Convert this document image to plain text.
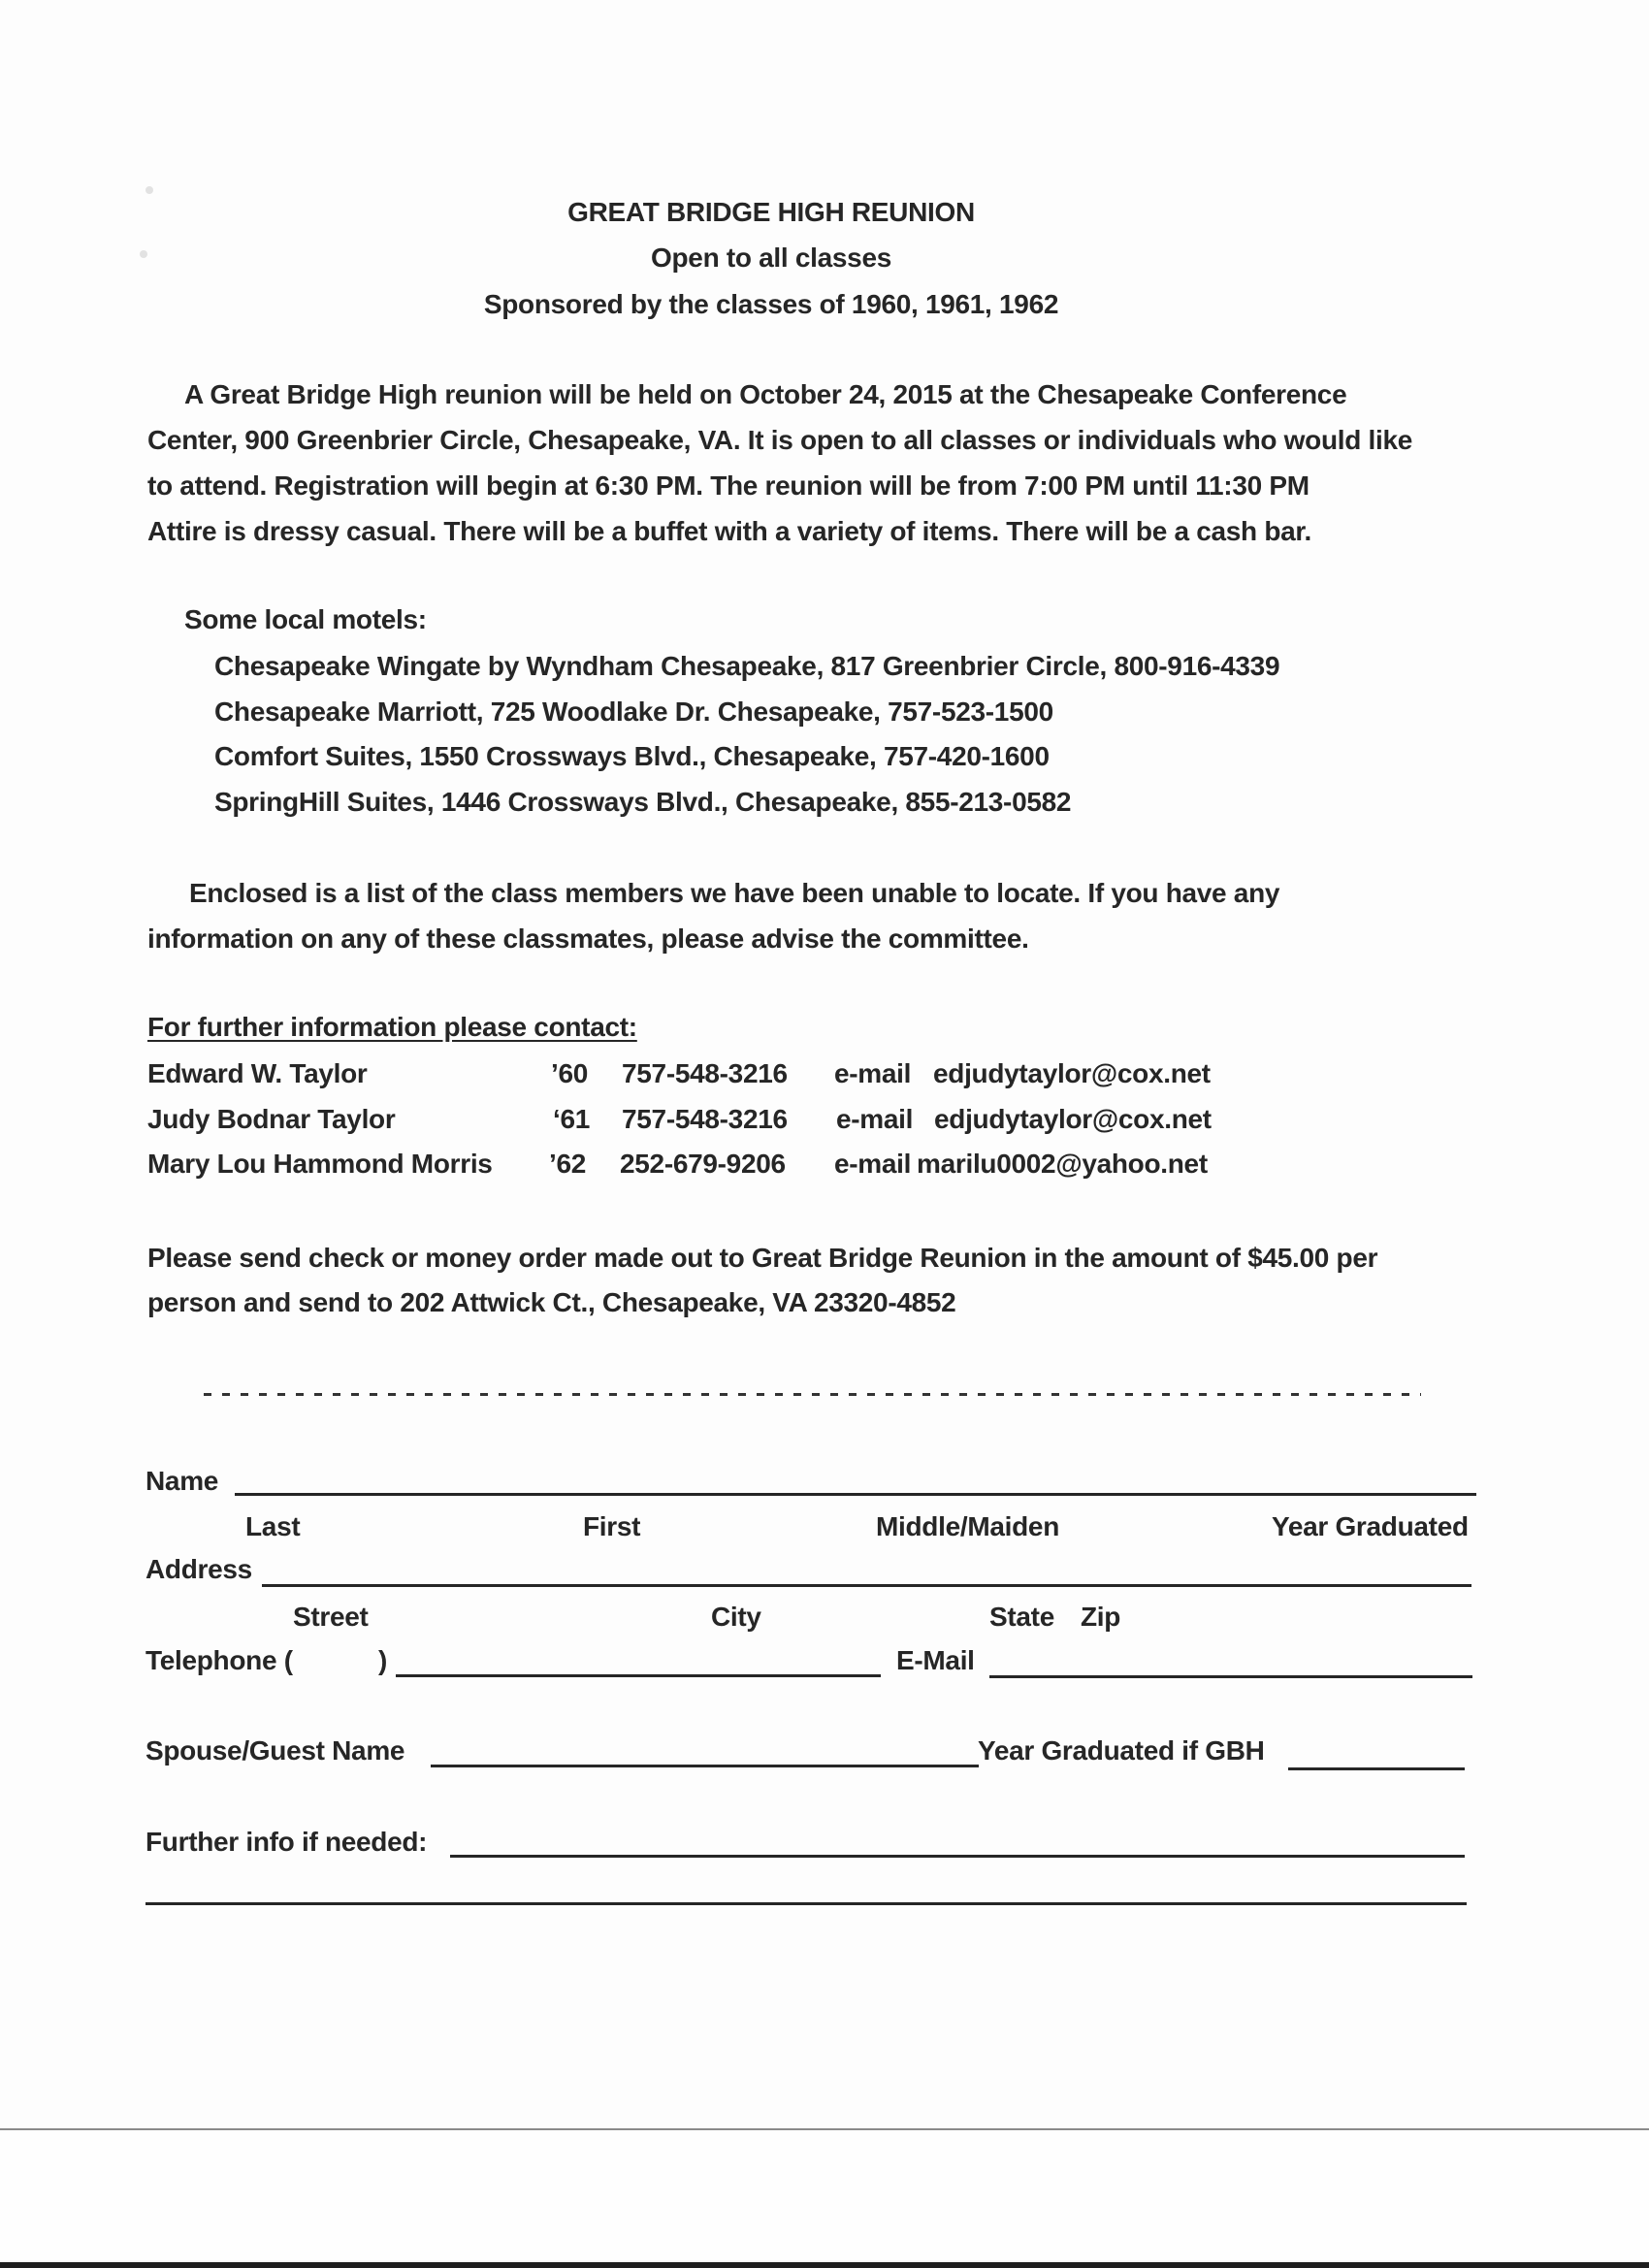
GREAT BRIDGE HIGH REUNION
Open to all classes
Sponsored by the classes of 1960, 1961, 1962
A Great Bridge High reunion will be held on October 24, 2015 at the Chesapeake Conference
Center, 900 Greenbrier Circle, Chesapeake, VA. It is open to all classes or individuals who would like
to attend. Registration will begin at 6:30 PM. The reunion will be from 7:00 PM until 11:30 PM
Attire is dressy casual. There will be a buffet with a variety of items. There will be a cash bar.
Some local motels:
Chesapeake Wingate by Wyndham Chesapeake, 817 Greenbrier Circle, 800-916-4339
Chesapeake Marriott, 725 Woodlake Dr. Chesapeake, 757-523-1500
Comfort Suites, 1550 Crossways Blvd., Chesapeake, 757-420-1600
SpringHill Suites, 1446 Crossways Blvd., Chesapeake, 855-213-0582
Enclosed is a list of the class members we have been unable to locate. If you have any
information on any of these classmates, please advise the committee.
For further information please contact:
Edward W. Taylor	’60 757-548-3216 e-mail edjudytaylor@cox.net
Judy Bodnar Taylor	‘61 757-548-3216 e-mail edjudytaylor@cox.net
Mary Lou Hammond Morris ’62 252-679-9206 e-mail marilu0002@yahoo.net
Please send check or money order made out to Great Bridge Reunion in the amount of $45.00 per
person and send to 202 Attwick Ct., Chesapeake, VA 23320-4852
Name
Last	First	Middle/Maiden	Year Graduated
Address
Street	City	State Zip
Telephone (	)	E-Mail
Spouse/Guest Name	Year Graduated if GBH
Further info if needed:
